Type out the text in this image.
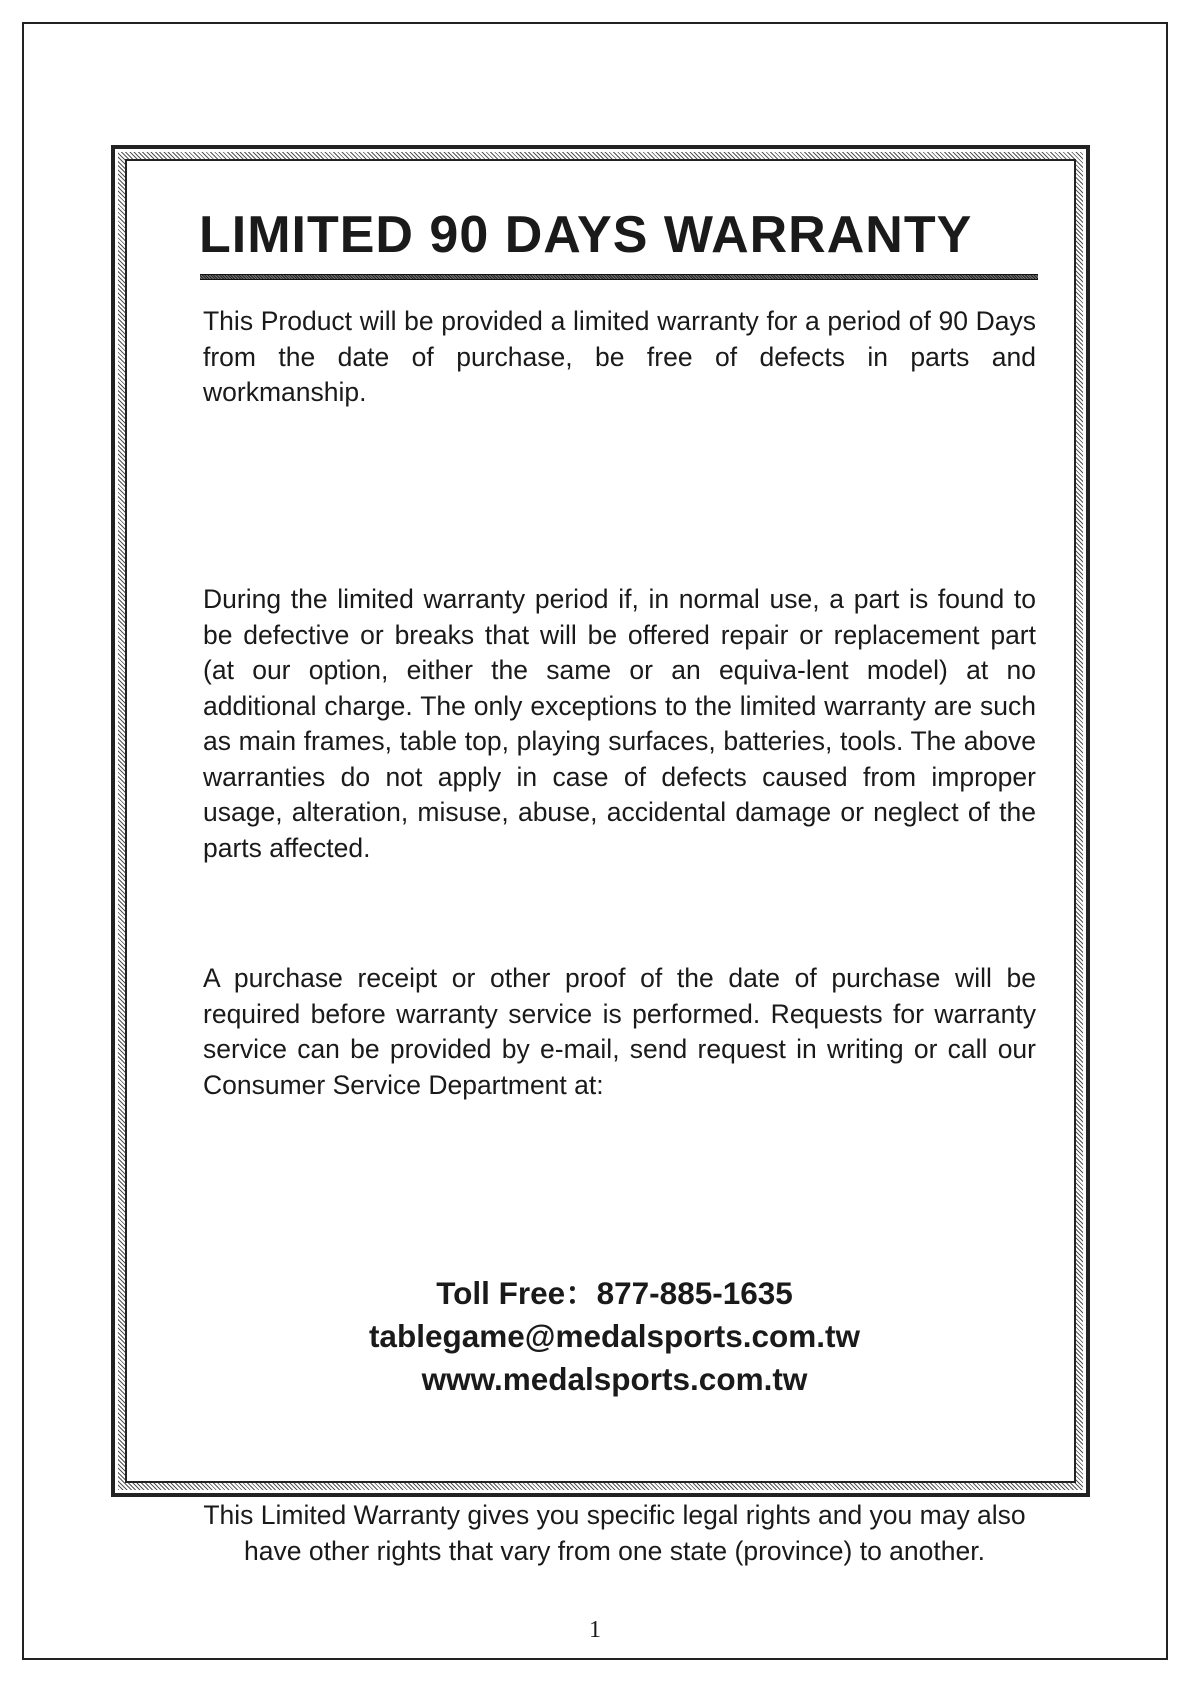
LIMITED 90 DAYS WARRANTY

This Product will be provided a limited warranty for a period of 90 Days from the date of purchase, be free of defects in parts and workmanship.

During the limited warranty period if, in normal use, a part is found to be defective or breaks that will be offered repair or replacement part (at our option, either the same or an equiva-lent model) at no additional charge. The only exceptions to the limited warranty are such as main frames, table top, playing surfaces, batteries, tools. The above warranties do not apply in case of defects caused from improper usage, alteration, misuse, abuse, accidental damage or neglect of the parts affected.

A purchase receipt or other proof of the date of purchase will be required before warranty service is performed. Requests for warranty service can be provided by e-mail, send request in writing or call our Consumer Service Department at:

Toll Free：877-885-1635
tablegame@medalsports.com.tw
www.medalsports.com.tw

This Limited Warranty gives you specific legal rights and you may also have other rights that vary from one state (province) to another.

1
